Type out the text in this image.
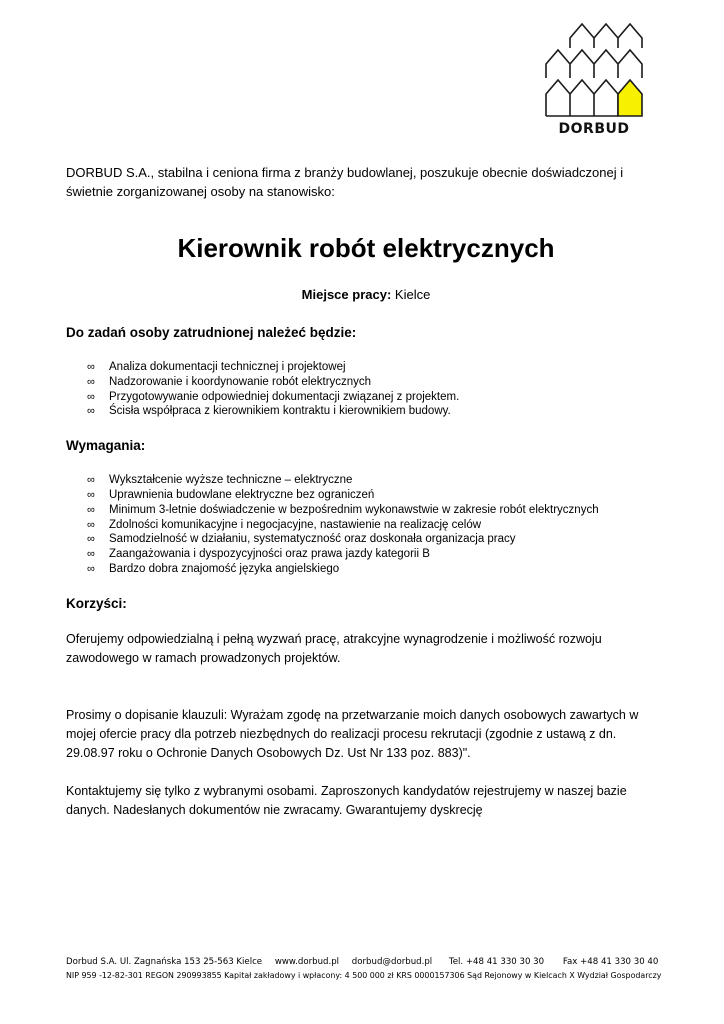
DORBUD

DORBUD S.A., stabilna i ceniona firma z branży budowlanej, poszukuje obecnie doświadczonej i świetnie zorganizowanej osoby na stanowisko:

Kierownik robót elektrycznych
Miejsce pracy: Kielce
Do zadań osoby zatrudnionej należeć będzie:
∞ Analiza dokumentacji technicznej i projektowej
∞ Nadzorowanie i koordynowanie robót elektrycznych
∞ Przygotowywanie odpowiedniej dokumentacji związanej z projektem.
∞ Ścisła współpraca z kierownikiem kontraktu i kierownikiem budowy.
Wymagania:
∞ Wykształcenie wyższe techniczne – elektryczne
∞ Uprawnienia budowlane elektryczne bez ograniczeń
∞ Minimum 3-letnie doświadczenie w bezpośrednim wykonawstwie w zakresie robót elektrycznych
∞ Zdolności komunikacyjne i negocjacyjne, nastawienie na realizację celów
∞ Samodzielność w działaniu, systematyczność oraz doskonała organizacja pracy
∞ Zaangażowania i dyspozycyjności oraz prawa jazdy kategorii B
∞ Bardzo dobra znajomość języka angielskiego
Korzyści:

Oferujemy odpowiedzialną i pełną wyzwań pracę, atrakcyjne wynagrodzenie i możliwość rozwoju zawodowego w ramach prowadzonych projektów.

Prosimy o dopisanie klauzuli: Wyrażam zgodę na przetwarzanie moich danych osobowych zawartych w mojej ofercie pracy dla potrzeb niezbędnych do realizacji procesu rekrutacji (zgodnie z ustawą z dn. 29.08.97 roku o Ochronie Danych Osobowych Dz. Ust Nr 133 poz. 883)".

Kontaktujemy się tylko z wybranymi osobami. Zaproszonych kandydatów rejestrujemy w naszej bazie danych. Nadesłanych dokumentów nie zwracamy. Gwarantujemy dyskrecję

Dorbud S.A. Ul. Zagnańska 153 25-563 Kielce www.dorbud.pl dorbud@dorbud.pl Tel. +48 41 330 30 30 Fax +48 41 330 30 40
NIP 959 -12-82-301 REGON 290993855 Kapitał zakładowy i wpłacony: 4 500 000 zł KRS 0000157306 Sąd Rejonowy w Kielcach X Wydział Gospodarczy
